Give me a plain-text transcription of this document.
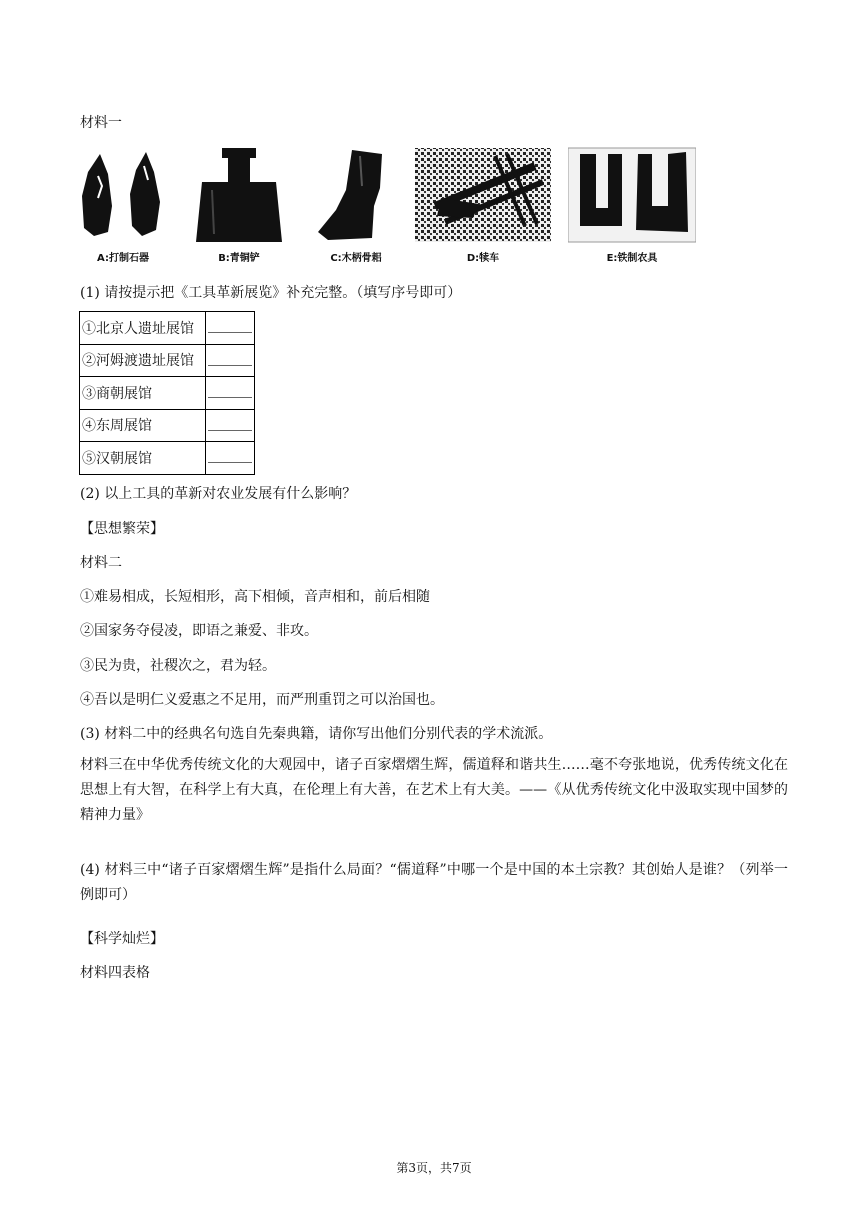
材料一
A:打制石器	B:青铜铲	C:木柄骨耜	D:犊车	E:铁制农具
(1) 请按提示把《工具革新展览》补充完整。（填写序号即可）
①北京人遗址展馆	

②河姆渡遗址展馆	

③商朝展馆	

④东周展馆	

⑤汉朝展馆	
(2) 以上工具的革新对农业发展有什么影响？
【思想繁荣】
材料二
①难易相成，长短相形，高下相倾，音声相和，前后相随
②国家务夺侵凌，即语之兼爱、非攻。
③民为贵，社稷次之，君为轻。
④吾以是明仁义爱惠之不足用，而严刑重罚之可以治国也。
(3) 材料二中的经典名句选自先秦典籍，请你写出他们分别代表的学术流派。
材料三在中华优秀传统文化的大观园中，诸子百家熠熠生辉，儒道释和谐共生……毫不夸张地说，优秀传统文化在思想上有大智，在科学上有大真，在伦理上有大善，在艺术上有大美。——《从优秀传统文化中汲取实现中国梦的精神力量》
(4) 材料三中“诸子百家熠熠生辉”是指什么局面？“儒道释”中哪一个是中国的本土宗教？其创始人是谁？（列举一例即可）
【科学灿烂】
材料四表格
第3页，共7页
